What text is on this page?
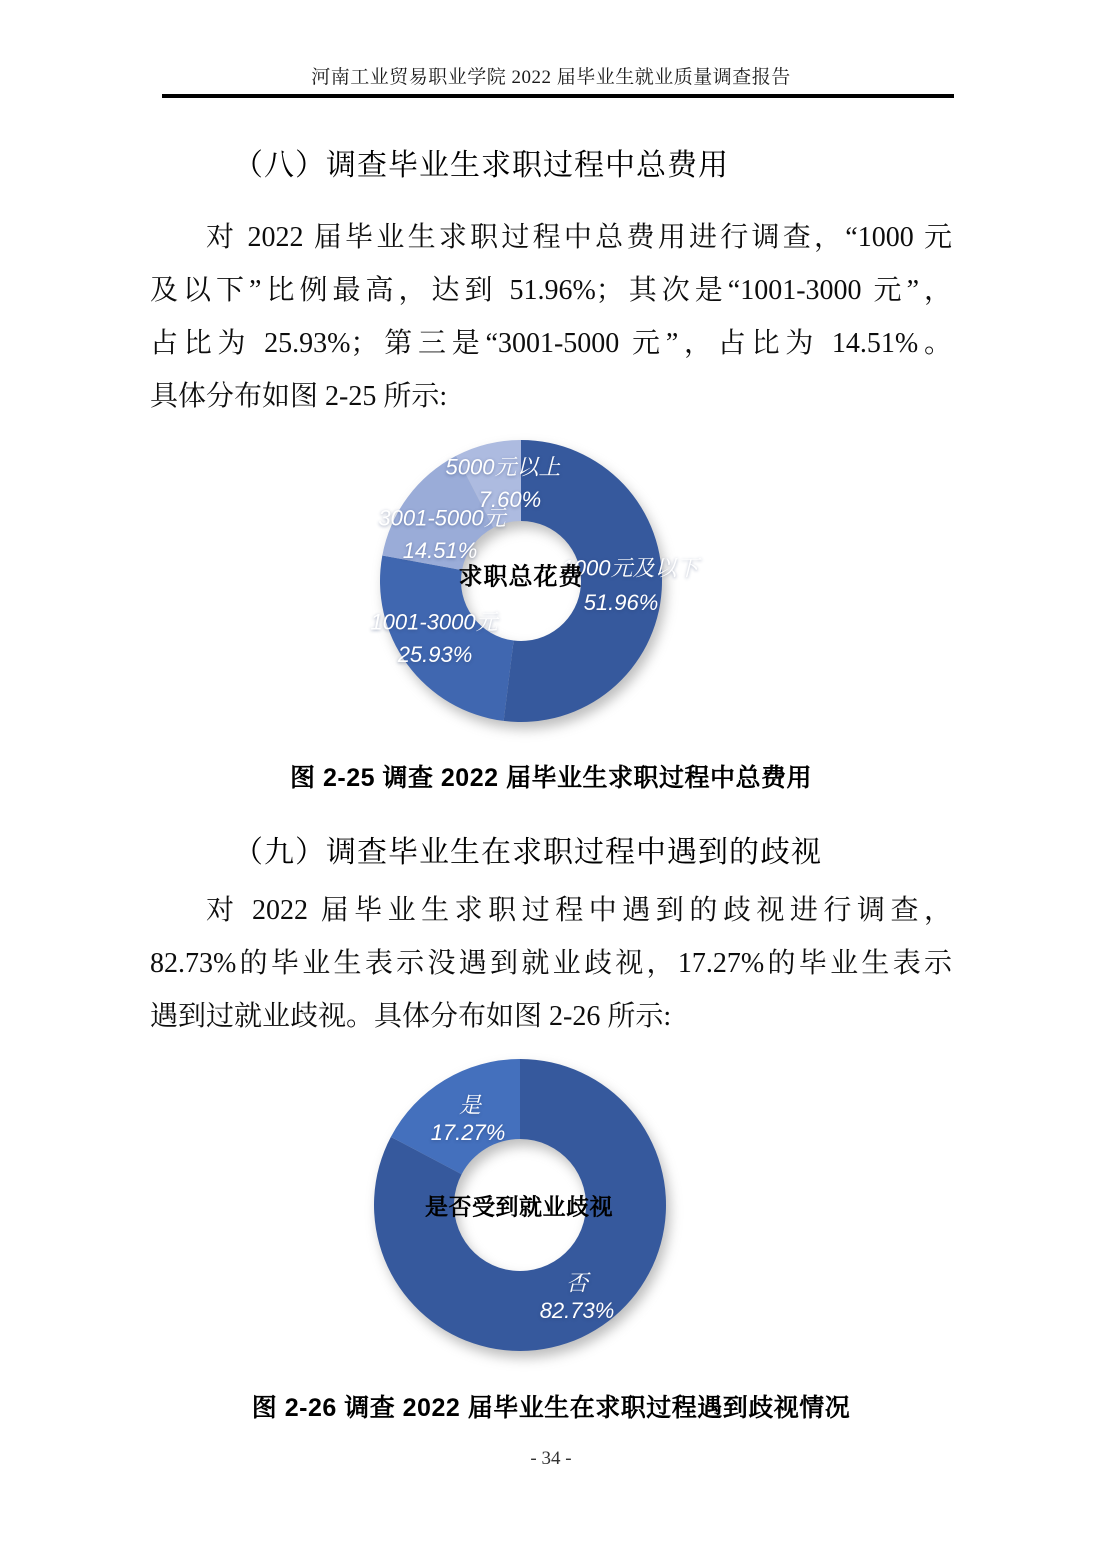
河南工业贸易职业学院 2022 届毕业生就业质量调查报告
（八）调查毕业生求职过程中总费用
对 2022 届毕业生求职过程中总费用进行调查，“1000 元
及以下”比例最高，达到 51.96%；其次是“1001-3000 元”，
占比为 25.93%；第三是“3001-5000 元”，占比为 14.51%。
具体分布如图 2-25 所示:
5000元以上
7.60%
3001-5000元
14.51%
求职总花费
1000元及以下
51.96%
1001-3000元
25.93%
图 2-25 调查 2022 届毕业生求职过程中总费用
（九）调查毕业生在求职过程中遇到的歧视
对 2022 届毕业生求职过程中遇到的歧视进行调查，
82.73%的毕业生表示没遇到就业歧视，17.27%的毕业生表示
遇到过就业歧视。具体分布如图 2-26 所示:
是
17.27%
是否受到就业歧视
否
82.73%
图 2-26 调查 2022 届毕业生在求职过程遇到歧视情况
- 34 -
